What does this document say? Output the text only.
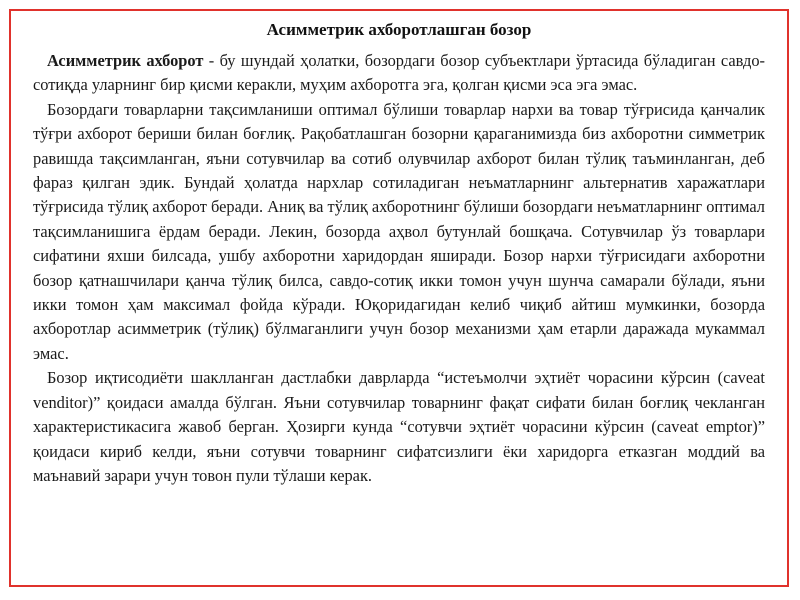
Асимметрик ахборотлашган бозор

Асимметрик ахборот - бу шундай ҳолатки, бозордаги бозор субъектлари ўртасида бўладиган савдо-сотиқда уларнинг бир қисми керакли, муҳим ахборотга эга, қолган қисми эса эга эмас.

Бозордаги товарларни тақсимланиши оптимал бўлиши товарлар нархи ва товар тўғрисида қанчалик тўғри ахборот бериши билан боғлиқ. Рақобатлашган бозорни қараганимизда биз ахборотни симметрик равишда тақсимланган, яъни сотувчилар ва сотиб олувчилар ахборот билан тўлиқ таъминланган, деб фараз қилган эдик. Бундай ҳолатда нархлар сотиладиган неъматларнинг альтернатив харажатлари тўғрисида тўлиқ ахборот беради. Аниқ ва тўлиқ ахборотнинг бўлиши бозордаги неъматларнинг оптимал тақсимланишига ёрдам беради. Лекин, бозорда аҳвол бутунлай бошқача. Сотувчилар ўз товарлари сифатини яхши билсада, ушбу ахборотни харидордан яширади. Бозор нархи тўғрисидаги ахборотни бозор қатнашчилари қанча тўлиқ билса, савдо-сотиқ икки томон учун шунча самарали бўлади, яъни икки томон ҳам максимал фойда кўради. Юқоридагидан келиб чиқиб айтиш мумкинки, бозорда ахборотлар асимметрик (тўлиқ) бўлмаганлиги учун бозор механизми ҳам етарли даражада мукаммал эмас.

Бозор иқтисодиёти шаклланган дастлабки даврларда “истеъмолчи эҳтиёт чорасини кўрсин (caveat venditor)” қоидаси амалда бўлган. Яъни сотувчилар товарнинг фақат сифати билан боғлиқ чекланган характеристикасига жавоб берган. Ҳозирги кунда “сотувчи эҳтиёт чорасини кўрсин (caveat emptor)” қоидаси кириб келди, яъни сотувчи товарнинг сифатсизлиги ёки харидорга етказган моддий ва маънавий зарари учун товон пули тўлаши керак.
